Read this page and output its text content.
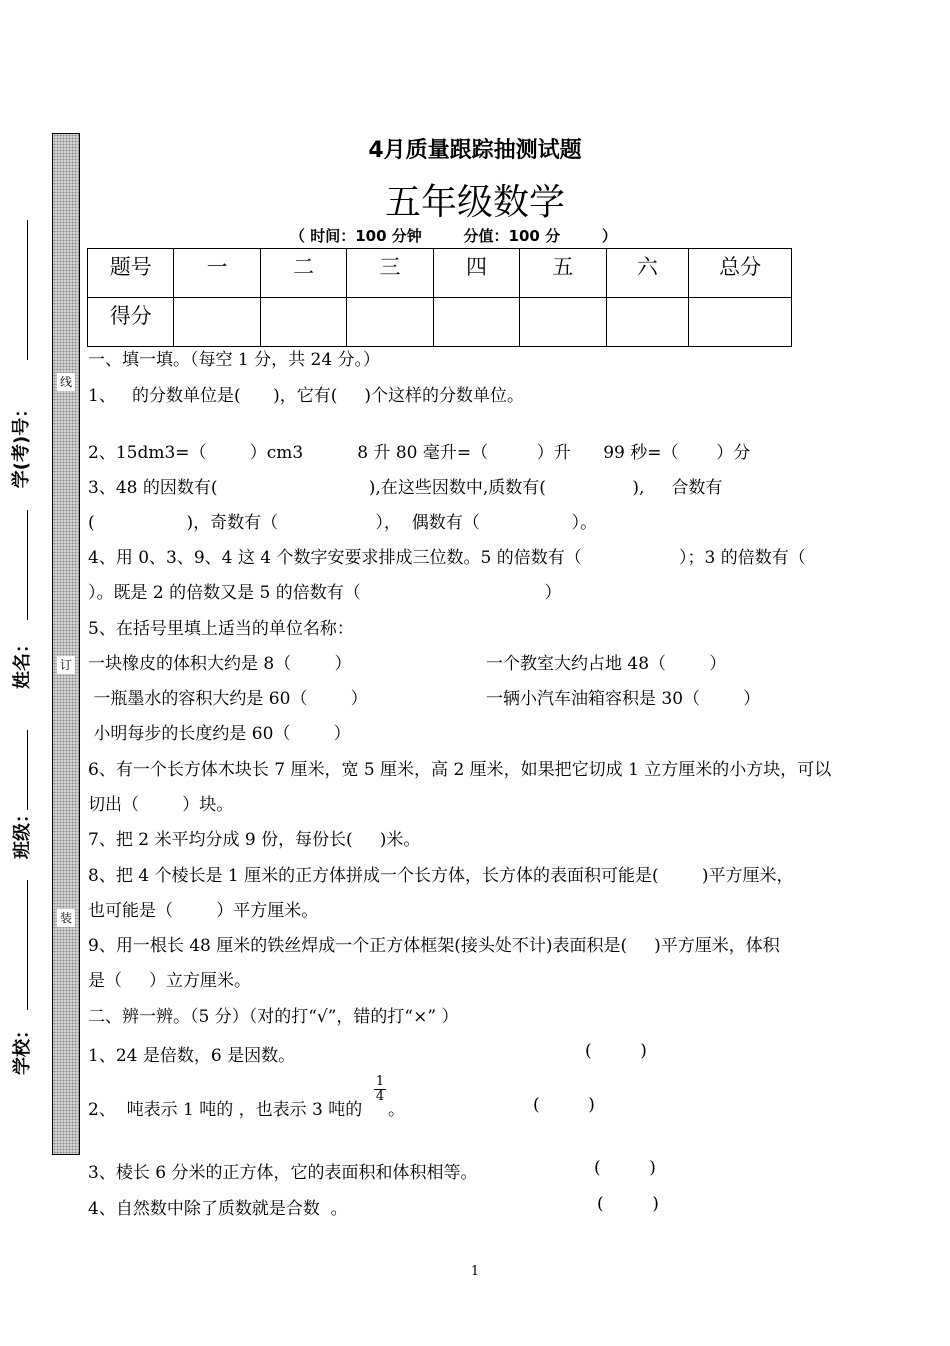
线
订
装
学(考)号：
姓名：
班级：
学校：
4月质量跟踪抽测试题
五年级数学
（ 时间：100 分钟        分值：100 分        ）
题号	一	二	三	四	五	六	总分
得分							
一、填一填。（每空 1 分，共 24 分。）
1、   的分数单位是(      )，它有(     )个这样的分数单位。
2、15dm3=（        ）cm3          8 升 80 毫升=（         ）升      99 秒=（       ）分
3、48 的因数有(                            ),在这些因数中,质数有(                ),     合数有
(                 )，奇数有（                  ），  偶数有（                 ）。
4、用 0、3、9、4 这 4 个数字安要求排成三位数。5 的倍数有（                  ）；3 的倍数有（
）。既是 2 的倍数又是 5 的倍数有（                                  ）
5、在括号里填上适当的单位名称：
一块橡皮的体积大约是 8（        ）	一个教室大约占地 48（        ）
一瓶墨水的容积大约是 60（        ）	一辆小汽车油箱容积是 30（        ）
小明每步的长度约是 60（        ）
6、有一个长方体木块长 7 厘米，宽 5 厘米，高 2 厘米，如果把它切成 1 立方厘米的小方块，可以
切出（        ）块。
7、把 2 米平均分成 9 份，每份长(     )米。
8、把 4 个棱长是 1 厘米的正方体拼成一个长方体，长方体的表面积可能是(        )平方厘米，
也可能是（        ）平方厘米。
9、用一根长 48 厘米的铁丝焊成一个正方体框架(接头处不计)表面积是(     )平方厘米，体积
是（     ）立方厘米。
二、辨一辨。（5 分）（对的打“√”，错的打“×” ）
1、24 是倍数，6 是因数。	(         )
2、  吨表示 1 吨的 ，也表示 3 吨的
$\frac{1}{4}$
。	(         )
3、棱长 6 分米的正方体，它的表面积和体积相等。	(         )
4、自然数中除了质数就是合数  。	(         )
1
